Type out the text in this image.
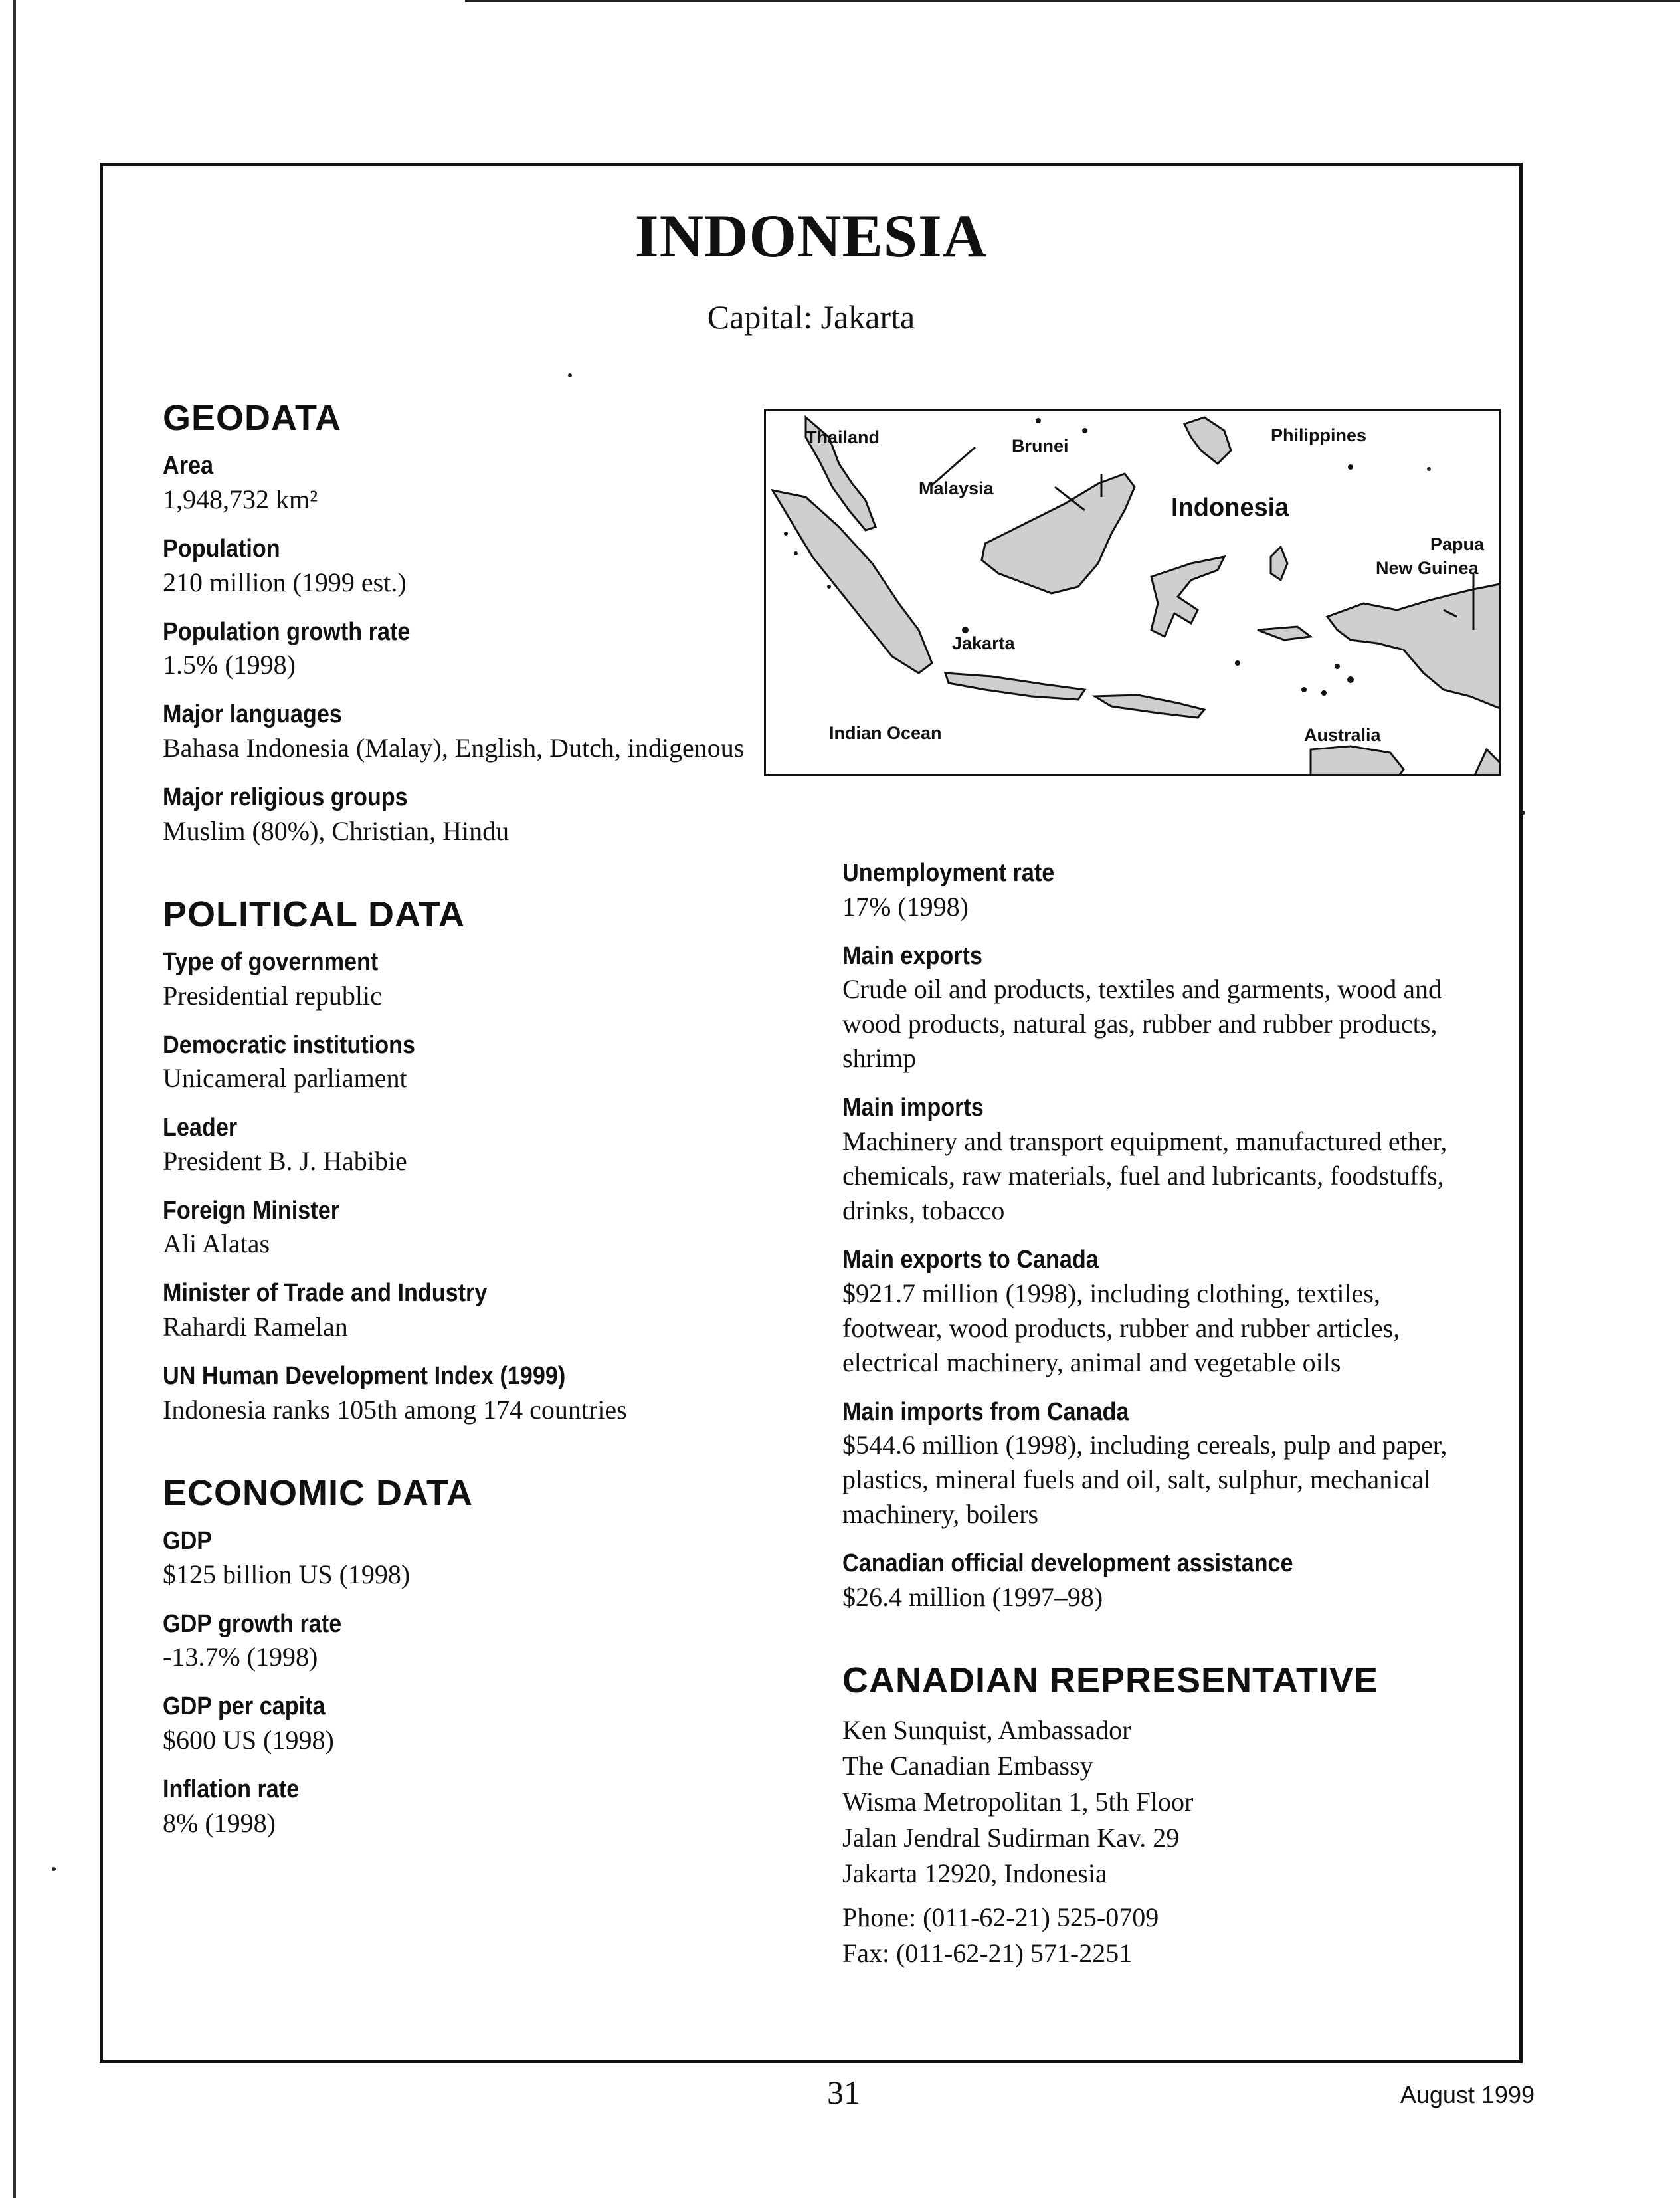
INDONESIA
Capital: Jakarta
GEODATA
Area
1,948,732 km²
Population
210 million (1999 est.)
Population growth rate
1.5% (1998)
Major languages
Bahasa Indonesia (Malay), English, Dutch, indigenous
Major religious groups
Muslim (80%), Christian, Hindu
POLITICAL DATA
Type of government
Presidential republic
Democratic institutions
Unicameral parliament
Leader
President B. J. Habibie
Foreign Minister
Ali Alatas
Minister of Trade and Industry
Rahardi Ramelan
UN Human Development Index (1999)
Indonesia ranks 105th among 174 countries
ECONOMIC DATA
GDP
$125 billion US (1998)
GDP growth rate
-13.7% (1998)
GDP per capita
$600 US (1998)
Inflation rate
8% (1998)
Thailand	Brunei
Philippines
Malaysia
Indonesia
Papua
New Guinea
Jakarta
Indian Ocean	Australia
Unemployment rate
17% (1998)
Main exports
Crude oil and products, textiles and garments, wood and wood products, natural gas, rubber and rubber products, shrimp
Main imports
Machinery and transport equipment, manufactured ether, chemicals, raw materials, fuel and lubricants, foodstuffs, drinks, tobacco
Main exports to Canada
$921.7 million (1998), including clothing, textiles, footwear, wood products, rubber and rubber articles, electrical machinery, animal and vegetable oils
Main imports from Canada
$544.6 million (1998), including cereals, pulp and paper, plastics, mineral fuels and oil, salt, sulphur, mechanical machinery, boilers
Canadian official development assistance
$26.4 million (1997–98)
CANADIAN REPRESENTATIVE
Ken Sunquist, Ambassador
The Canadian Embassy
Wisma Metropolitan 1, 5th Floor
Jalan Jendral Sudirman Kav. 29
Jakarta 12920, Indonesia
Phone: (011-62-21) 525-0709
Fax: (011-62-21) 571-2251
31	August 1999
